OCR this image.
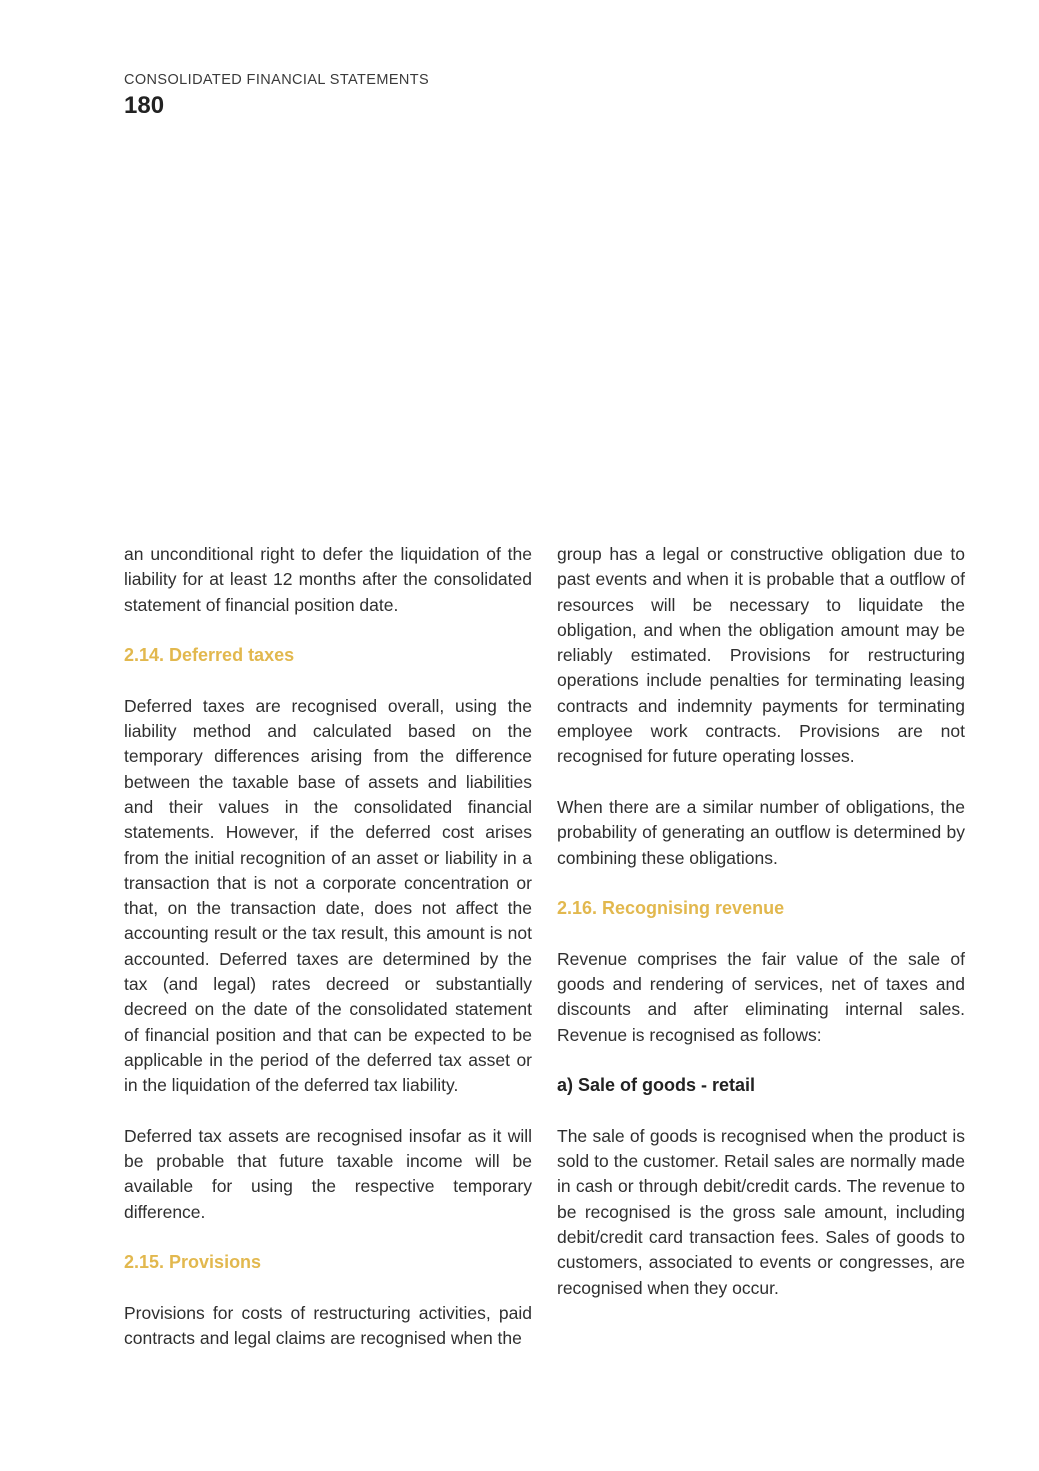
CONSOLIDATED FINANCIAL STATEMENTS
180

an unconditional right to defer the liquidation of the liability for at least 12 months after the consolidated statement of financial position date.

2.14. Deferred taxes

Deferred taxes are recognised overall, using the liability method and calculated based on the temporary differences arising from the difference between the taxable base of assets and liabilities and their values in the consolidated financial statements. However, if the deferred cost arises from the initial recognition of an asset or liability in a transaction that is not a corporate concentration or that, on the transaction date, does not affect the accounting result or the tax result, this amount is not accounted. Deferred taxes are determined by the tax (and legal) rates decreed or substantially decreed on the date of the consolidated statement of financial position and that can be expected to be applicable in the period of the deferred tax asset or in the liquidation of the deferred tax liability.

Deferred tax assets are recognised insofar as it will be probable that future taxable income will be available for using the respective temporary difference.

2.15. Provisions

Provisions for costs of restructuring activities, paid contracts and legal claims are recognised when the

group has a legal or constructive obligation due to past events and when it is probable that a outflow of resources will be necessary to liquidate the obligation, and when the obligation amount may be reliably estimated. Provisions for restructuring operations include penalties for terminating leasing contracts and indemnity payments for terminating employee work contracts. Provisions are not recognised for future operating losses.

When there are a similar number of obligations, the probability of generating an outflow is determined by combining these obligations.

2.16. Recognising revenue

Revenue comprises the fair value of the sale of goods and rendering of services, net of taxes and discounts and after eliminating internal sales. Revenue is recognised as follows:

a) Sale of goods - retail

The sale of goods is recognised when the product is sold to the customer. Retail sales are normally made in cash or through debit/credit cards. The revenue to be recognised is the gross sale amount, including debit/credit card transaction fees. Sales of goods to customers, associated to events or congresses, are recognised when they occur.
